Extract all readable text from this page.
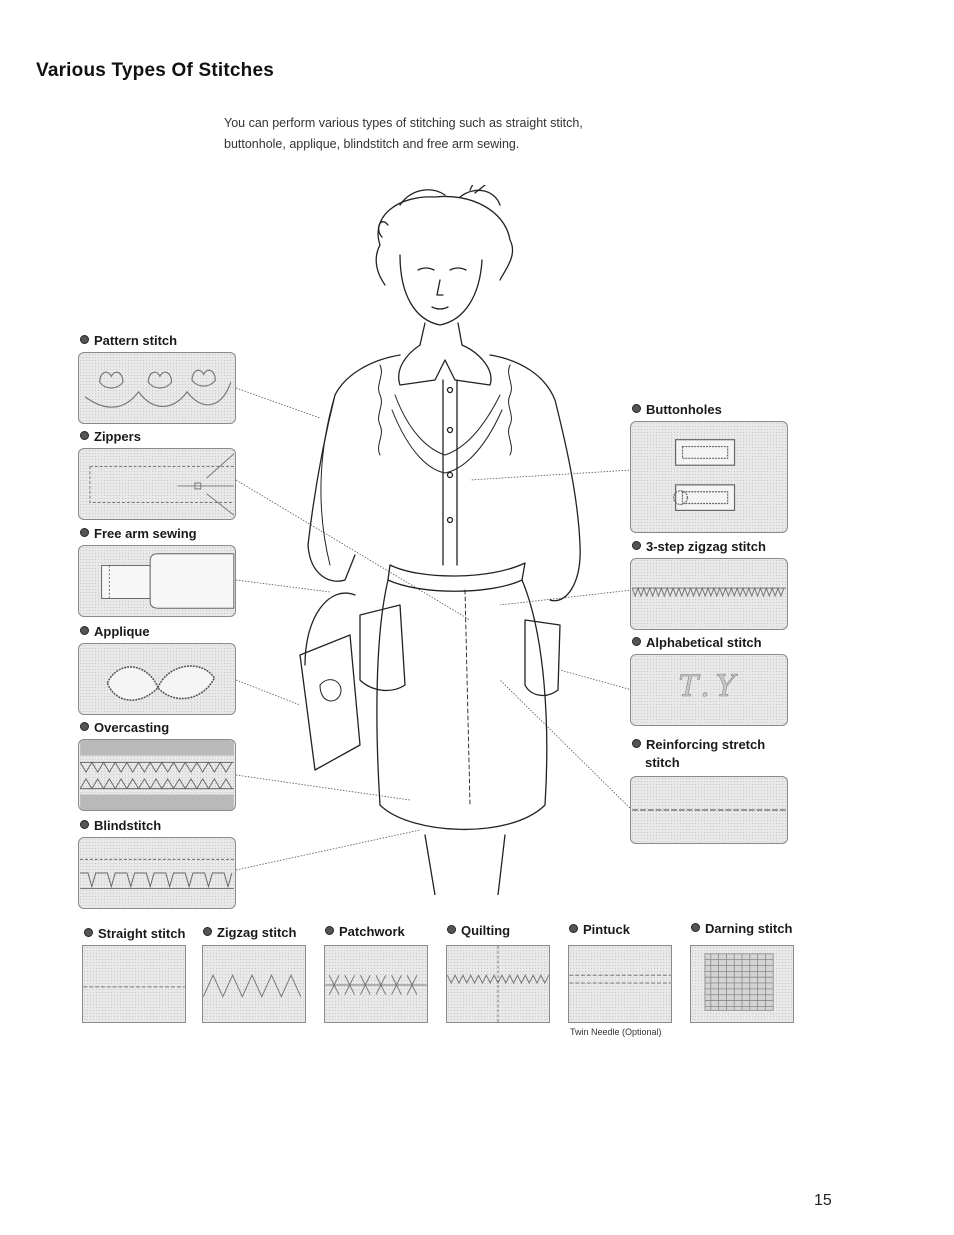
Various Types Of Stitches
You can perform various types of stitching such as straight stitch, buttonhole, applique, blindstitch and free arm sewing.
Pattern stitch
Zippers
Free arm sewing
Applique
Overcasting
Blindstitch
Buttonholes
3-step zigzag stitch
Alphabetical stitch
T.Y
Reinforcing stretch
stitch
Straight stitch	Zigzag stitch	Patchwork	Quilting	Pintuck
Twin Needle (Optional)
Darning stitch
15
